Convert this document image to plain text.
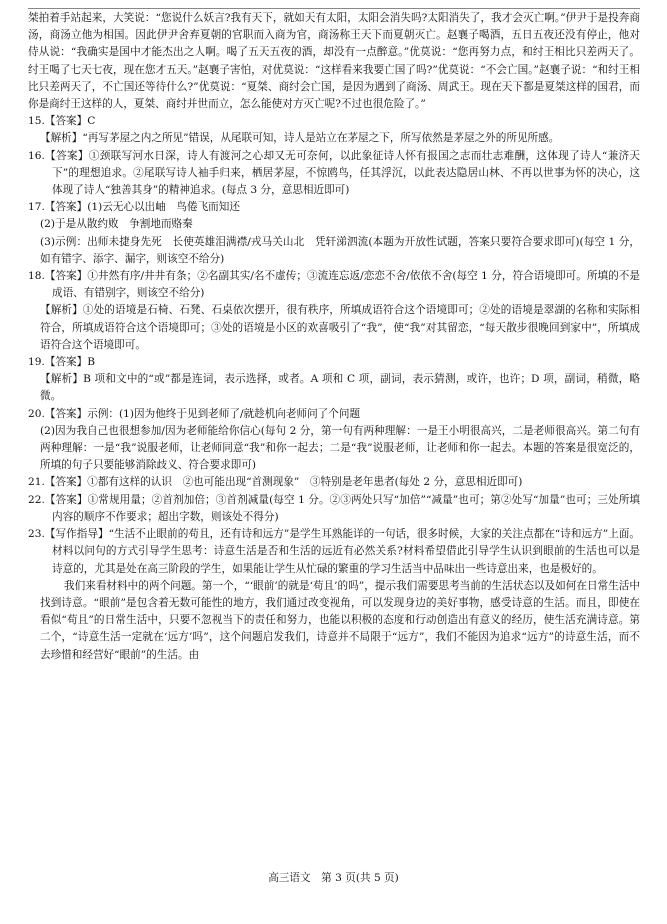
桀拍着手站起来，大笑说：“您说什么妖言?我有天下，就如天有太阳，太阳会消失吗?太阳消失了，我才会灭亡啊。”伊尹于是投奔商汤，商汤立他为相国。因此伊尹舍弃夏朝的官职而入商为官，商汤称王天下而夏朝灭亡。赵襄子喝酒，五日五夜还没有停止，他对侍从说：“我确实是国中才能杰出之人啊。喝了五天五夜的酒，却没有一点醉意。”优莫说：“您再努力点，和纣王相比只差两天了。纣王喝了七天七夜，现在您才五天。”赵襄子害怕，对优莫说：“这样看来我要亡国了吗?”优莫说：“不会亡国。”赵襄子说：“和纣王相比只差两天了，不亡国还等待什么?”优莫说：“夏桀、商纣会亡国，是因为遇到了商汤、周武王。现在天下都是夏桀这样的国君，而你是商纣王这样的人，夏桀、商纣并世而立，怎么能使对方灭亡呢?不过也很危险了。”

15.【答案】C

【解析】“再写茅屋之内之所见”错误，从尾联可知，诗人是站立在茅屋之下，所写依然是茅屋之外的所见所感。

16.【答案】①颈联写河水日深，诗人有渡河之心却又无可奈何，以此象征诗人怀有报国之志而壮志难酬，这体现了诗人“兼济天下”的理想追求。②尾联写诗人袖手归来，栖居茅屋，不惊鸥鸟，任其浮沉，以此表达隐居山林、不再以世事为怀的决心，这体现了诗人“独善其身”的精神追求。(每点 3 分，意思相近即可)

17.【答案】(1)云无心以出岫　鸟倦飞而知还

(2)于是从散约败　争割地而赂秦

(3)示例：出师未捷身先死　长使英雄泪满襟/戎马关山北　凭轩涕泗流(本题为开放性试题，答案只要符合要求即可)(每空 1 分，如有错字、添字、漏字，则该空不给分)

18.【答案】①井然有序/井井有条；②名副其实/名不虚传；③流连忘返/恋恋不舍/依依不舍(每空 1 分，符合语境即可。所填的不是成语、有错别字，则该空不给分)

【解析】①处的语境是石椅、石凳、石桌依次摆开，很有秩序，所填成语符合这个语境即可；②处的语境是翠湖的名称和实际相符合，所填成语符合这个语境即可；③处的语境是小区的欢喜吸引了“我”，使“我”对其留恋，“每天散步很晚回到家中”，所填成语符合这个语境即可。

19.【答案】B

【解析】B 项和文中的“或”都是连词，表示选择，或者。A 项和 C 项，副词，表示猜测，或许，也许；D 项，副词，稍微，略微。

20.【答案】示例：(1)因为他终于见到老师了/就趁机向老师问了个问题

(2)因为我自己也很想参加/因为老师能给你信心(每句 2 分，第一句有两种理解：一是王小明很高兴，二是老师很高兴。第二句有两种理解：一是“我”说服老师，让老师同意“我”和你一起去；二是“我”说服老师，让老师和你一起去。本题的答案是很宽泛的，所填的句子只要能够消除歧义、符合要求即可)

21.【答案】①都有这样的认识　②也可能出现“首测现象”　③特别是老年患者(每处 2 分，意思相近即可)

22.【答案】①常规用量；②首剂加倍；③首剂减量(每空 1 分。②③两处只写“加倍”“减量”也可；第②处写“加量”也可；三处所填内容的顺序不作要求；超出字数，则该处不得分)

23.【写作指导】“生活不止眼前的苟且，还有诗和远方”是学生耳熟能详的一句话，很多时候，大家的关注点都在“诗和远方”上面。材料以问句的方式引导学生思考：诗意生活是否和生活的远近有必然关系?材料希望借此引导学生认识到眼前的生活也可以是诗意的，尤其是处在高三阶段的学生，如果能让学生从忙碌的繁重的学习生活当中品味出一些诗意出来，也是极好的。

我们来看材料中的两个问题。第一个，“‘眼前’的就是‘苟且’的吗”，提示我们需要思考当前的生活状态以及如何在日常生活中找到诗意。“眼前”是包含着无数可能性的地方，我们通过改变视角，可以发现身边的美好事物，感受诗意的生活。而且，即使在看似“苟且”的日常生活中，只要不忽视当下的责任和努力，也能以积极的态度和行动创造出有意义的经历，使生活充满诗意。第二个，“诗意生活一定就在‘远方’吗”，这个问题启发我们，诗意并不局限于“远方”，我们不能因为追求“远方”的诗意生活，而不去珍惜和经营好“眼前”的生活。由

高三语文　第 3 页(共 5 页)
